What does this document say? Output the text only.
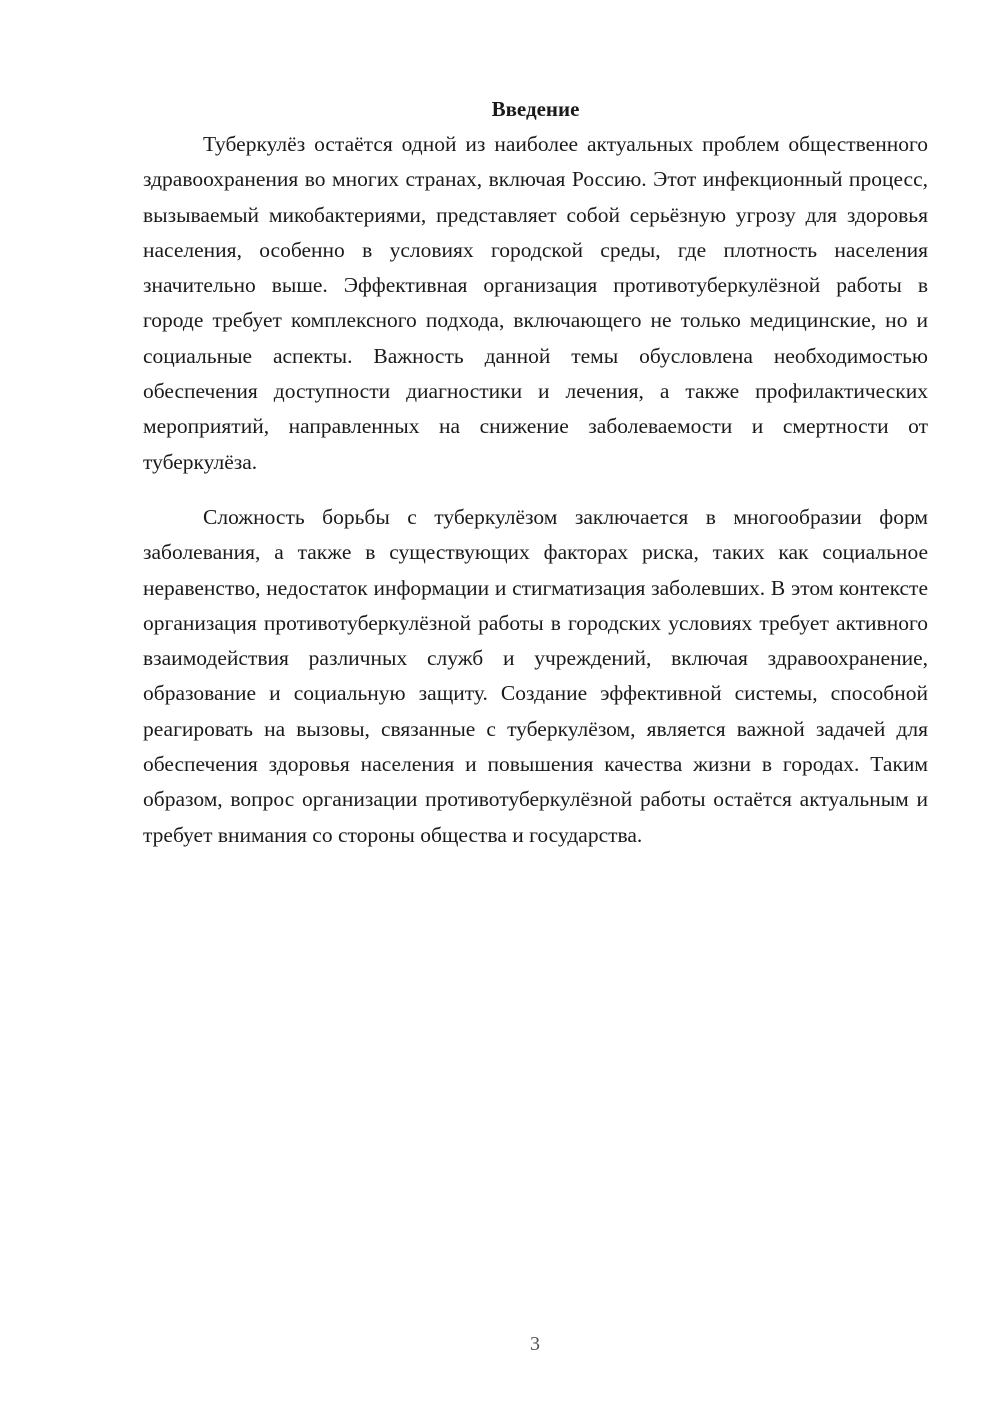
Введение

Туберкулёз остаётся одной из наиболее актуальных проблем общественного здравоохранения во многих странах, включая Россию. Этот инфекционный процесс, вызываемый микобактериями, представляет собой серьёзную угрозу для здоровья населения, особенно в условиях городской среды, где плотность населения значительно выше. Эффективная организация противотуберкулёзной работы в городе требует комплексного подхода, включающего не только медицинские, но и социальные аспекты. Важность данной темы обусловлена необходимостью обеспечения доступности диагностики и лечения, а также профилактических мероприятий, направленных на снижение заболеваемости и смертности от туберкулёза.

Сложность борьбы с туберкулёзом заключается в многообразии форм заболевания, а также в существующих факторах риска, таких как социальное неравенство, недостаток информации и стигматизация заболевших. В этом контексте организация противотуберкулёзной работы в городских условиях требует активного взаимодействия различных служб и учреждений, включая здравоохранение, образование и социальную защиту. Создание эффективной системы, способной реагировать на вызовы, связанные с туберкулёзом, является важной задачей для обеспечения здоровья населения и повышения качества жизни в городах. Таким образом, вопрос организации противотуберкулёзной работы остаётся актуальным и требует внимания со стороны общества и государства.

3
